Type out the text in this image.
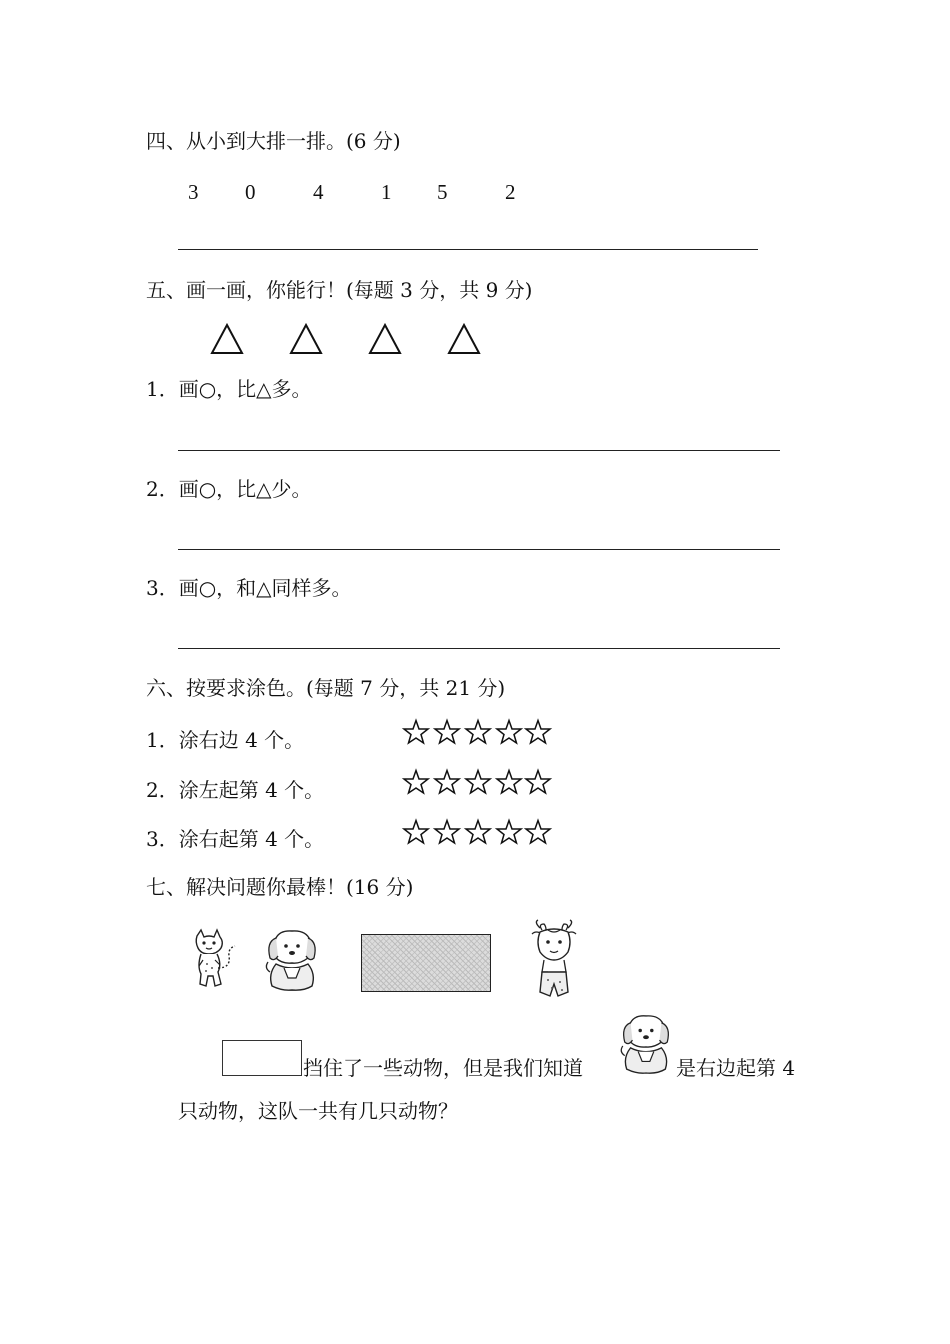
四、从小到大排一排。(6 分)
3 0	4	1 5	2
五、画一画，你能行！(每题 3 分，共 9 分)
1．画○，比△多。
2．画○，比△少。
3．画○，和△同样多。
六、按要求涂色。(每题 7 分，共 21 分)
1．涂右边 4 个。
2．涂左起第 4 个。
3．涂右起第 4 个。
七、解决问题你最棒！(16 分)
挡住了一些动物，但是我们知道	是右边起第 4
只动物，这队一共有几只动物？
